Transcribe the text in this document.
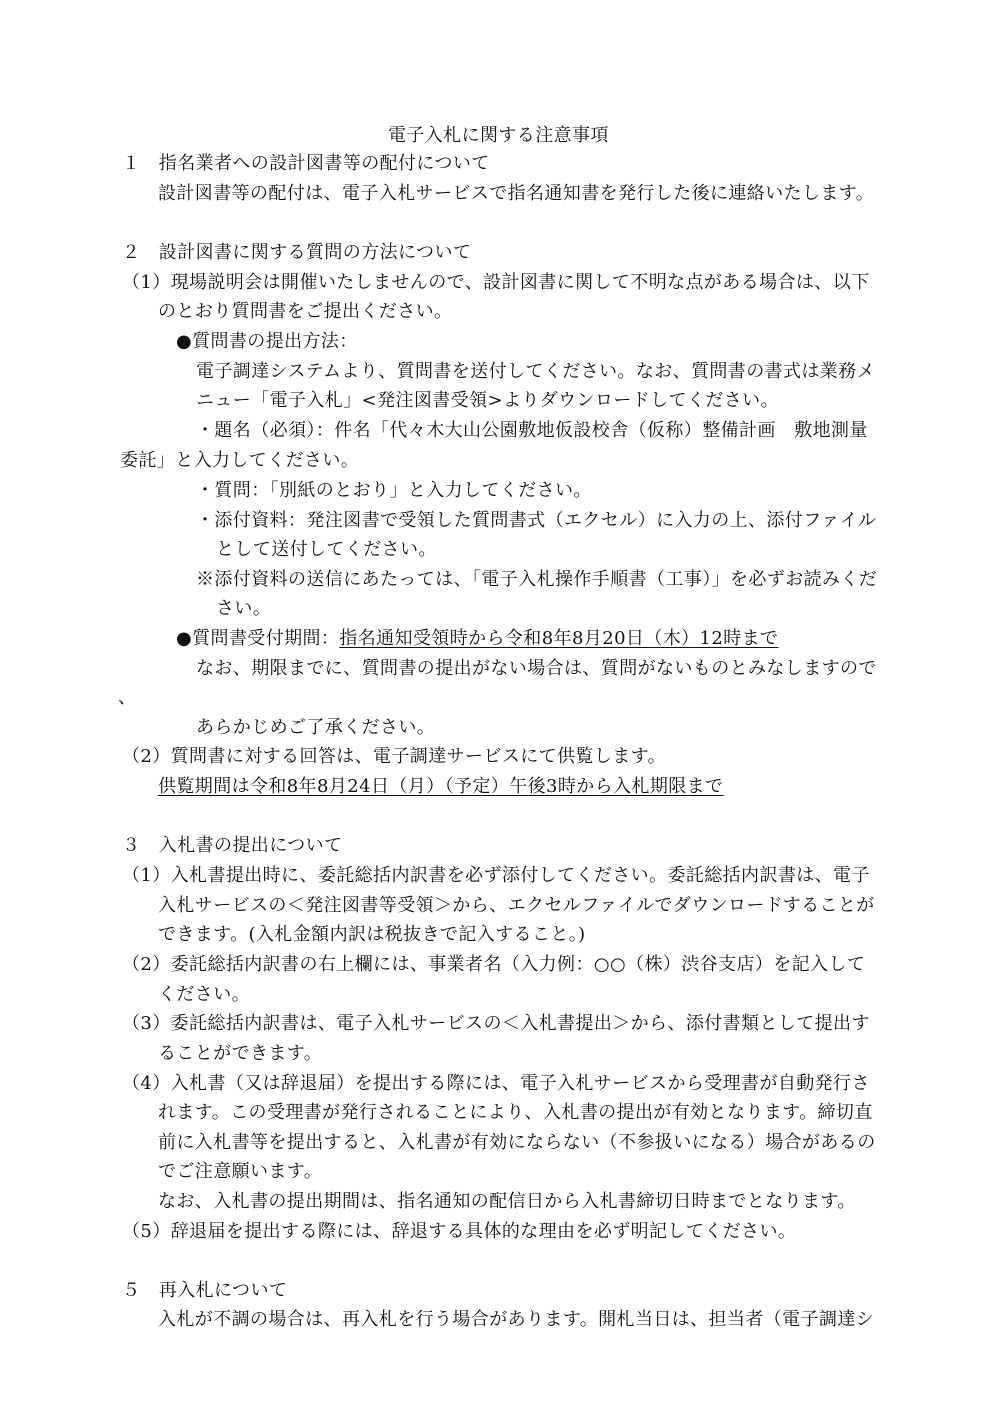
電子入札に関する注意事項
１　指名業者への設計図書等の配付について
設計図書等の配付は、電子入札サービスで指名通知書を発行した後に連絡いたします。
２　設計図書に関する質問の方法について
（1）現場説明会は開催いたしませんので、設計図書に関して不明な点がある場合は、以下
のとおり質問書をご提出ください。
●質問書の提出方法：
電子調達システムより、質問書を送付してください。なお、質問書の書式は業務メ
ニュー「電子入札」<発注図書受領>よりダウンロードしてください。
・題名（必須）：件名「代々木大山公園敷地仮設校舎（仮称）整備計画　敷地測量
委託」と入力してください。
・質問：「別紙のとおり」と入力してください。
・添付資料：発注図書で受領した質問書式（エクセル）に入力の上、添付ファイル
として送付してください。
※添付資料の送信にあたっては、「電子入札操作手順書（工事）」を必ずお読みくだ
さい。
●質問書受付期間：指名通知受領時から令和8年8月20日（木）12時まで
なお、期限までに、質問書の提出がない場合は、質問がないものとみなしますので
、
あらかじめご了承ください。
（2）質問書に対する回答は、電子調達サービスにて供覧します。
供覧期間は令和8年8月24日（月）（予定）午後3時から入札期限まで
３　入札書の提出について
（1）入札書提出時に、委託総括内訳書を必ず添付してください。委託総括内訳書は、電子
入札サービスの＜発注図書等受領＞から、エクセルファイルでダウンロードすることが
できます。(入札金額内訳は税抜きで記入すること。)
（2）委託総括内訳書の右上欄には、事業者名（入力例：○○（株）渋谷支店）を記入して
ください。
（3）委託総括内訳書は、電子入札サービスの＜入札書提出＞から、添付書類として提出す
ることができます。
（4）入札書（又は辞退届）を提出する際には、電子入札サービスから受理書が自動発行さ
れます。この受理書が発行されることにより、入札書の提出が有効となります。締切直
前に入札書等を提出すると、入札書が有効にならない（不参扱いになる）場合があるの
でご注意願います。
なお、入札書の提出期間は、指名通知の配信日から入札書締切日時までとなります。
（5）辞退届を提出する際には、辞退する具体的な理由を必ず明記してください。
５　再入札について
入札が不調の場合は、再入札を行う場合があります。開札当日は、担当者（電子調達シ
